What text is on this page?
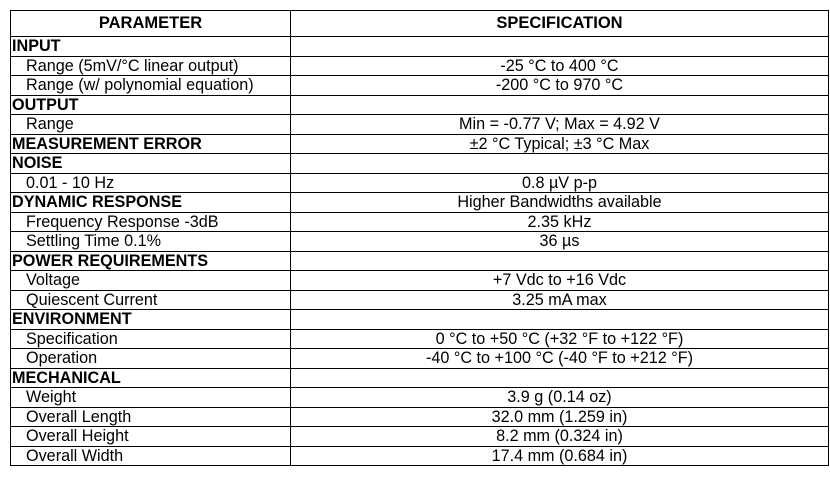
PARAMETER	SPECIFICATION
INPUT	
Range (5mV/°C linear output)	-25 °C to 400 °C
Range (w/ polynomial equation)	-200 °C to 970 °C
OUTPUT	
Range	Min = -0.77 V; Max = 4.92 V
MEASUREMENT ERROR	±2 °C Typical; ±3 °C Max
NOISE	
0.01 - 10 Hz	0.8 µV p-p
DYNAMIC RESPONSE	Higher Bandwidths available
Frequency Response -3dB	2.35 kHz
Settling Time 0.1%	36 µs
POWER REQUIREMENTS	
Voltage	+7 Vdc to +16 Vdc
Quiescent Current	3.25 mA max
ENVIRONMENT	
Specification	0 °C to +50 °C (+32 °F to +122 °F)
Operation	-40 °C to +100 °C (-40 °F to +212 °F)
MECHANICAL	
Weight	3.9 g (0.14 oz)
Overall Length	32.0 mm (1.259 in)
Overall Height	8.2 mm (0.324 in)
Overall Width	17.4 mm (0.684 in)
